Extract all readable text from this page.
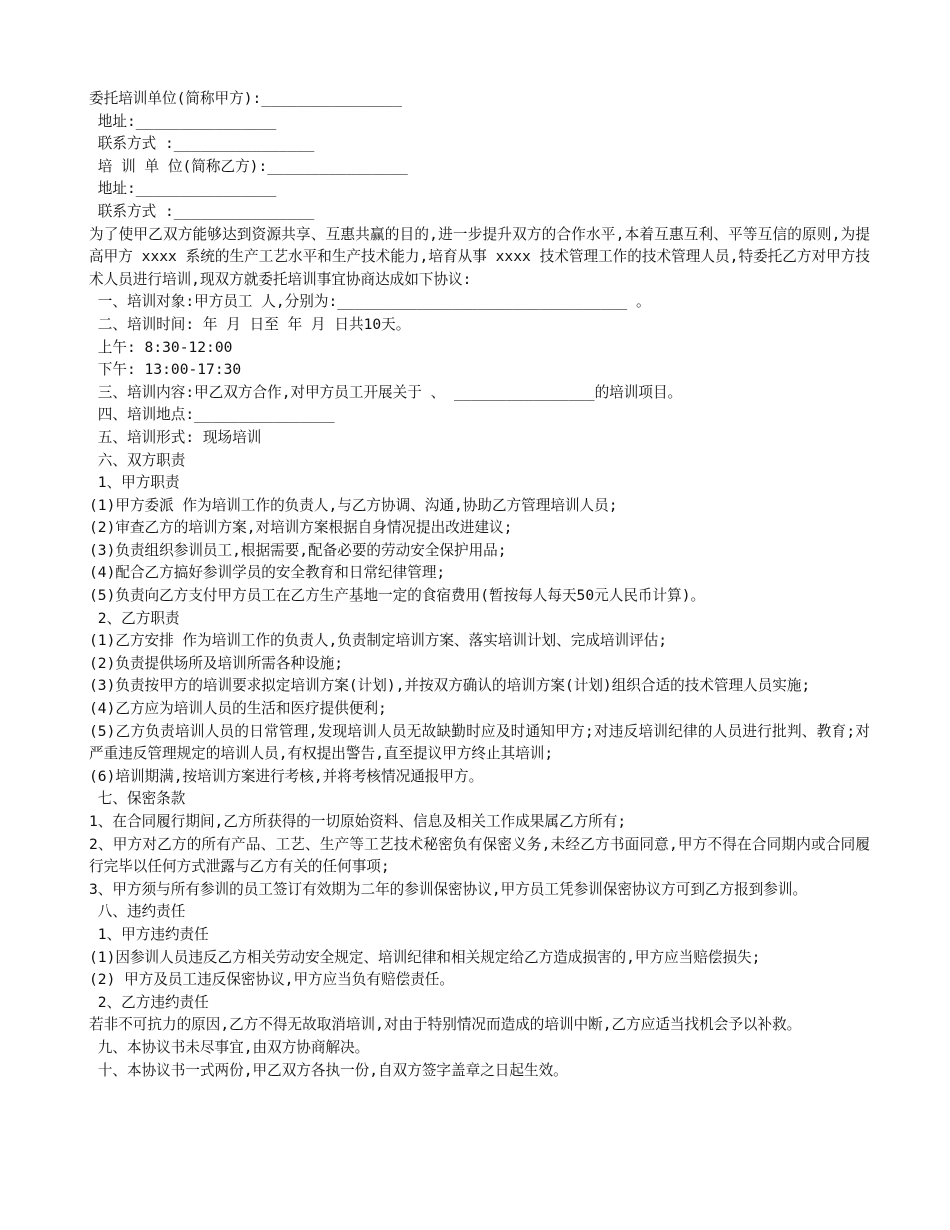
委托培训单位(简称甲方):________________
地址:________________
联系方式 :________________
培 训 单 位(简称乙方):________________
地址:________________
联系方式 :________________
为了使甲乙双方能够达到资源共享、互惠共赢的目的,进一步提升双方的合作水平,本着互惠互利、平等互信的原则,为提高甲方 xxxx 系统的生产工艺水平和生产技术能力,培育从事 xxxx 技术管理工作的技术管理人员,特委托乙方对甲方技术人员进行培训,现双方就委托培训事宜协商达成如下协议:
一、培训对象:甲方员工 人,分别为:_________________________________ 。
二、培训时间: 年 月 日至 年 月 日共10天。
上午: 8:30-12:00
下午: 13:00-17:30
三、培训内容:甲乙双方合作,对甲方员工开展关于 、 ________________的培训项目。
四、培训地点:________________
五、培训形式: 现场培训
六、双方职责
1、甲方职责
(1)甲方委派 作为培训工作的负责人,与乙方协调、沟通,协助乙方管理培训人员;
(2)审查乙方的培训方案,对培训方案根据自身情况提出改进建议;
(3)负责组织参训员工,根据需要,配备必要的劳动安全保护用品;
(4)配合乙方搞好参训学员的安全教育和日常纪律管理;
(5)负责向乙方支付甲方员工在乙方生产基地一定的食宿费用(暂按每人每天50元人民币计算)。
2、乙方职责
(1)乙方安排 作为培训工作的负责人,负责制定培训方案、落实培训计划、完成培训评估;
(2)负责提供场所及培训所需各种设施;
(3)负责按甲方的培训要求拟定培训方案(计划),并按双方确认的培训方案(计划)组织合适的技术管理人员实施;
(4)乙方应为培训人员的生活和医疗提供便利;
(5)乙方负责培训人员的日常管理,发现培训人员无故缺勤时应及时通知甲方;对违反培训纪律的人员进行批判、教育;对严重违反管理规定的培训人员,有权提出警告,直至提议甲方终止其培训;
(6)培训期满,按培训方案进行考核,并将考核情况通报甲方。
七、保密条款
1、在合同履行期间,乙方所获得的一切原始资料、信息及相关工作成果属乙方所有;
2、甲方对乙方的所有产品、工艺、生产等工艺技术秘密负有保密义务,未经乙方书面同意,甲方不得在合同期内或合同履行完毕以任何方式泄露与乙方有关的任何事项;
3、甲方须与所有参训的员工签订有效期为二年的参训保密协议,甲方员工凭参训保密协议方可到乙方报到参训。
八、违约责任
1、甲方违约责任
(1)因参训人员违反乙方相关劳动安全规定、培训纪律和相关规定给乙方造成损害的,甲方应当赔偿损失;
(2) 甲方及员工违反保密协议,甲方应当负有赔偿责任。
2、乙方违约责任
若非不可抗力的原因,乙方不得无故取消培训,对由于特别情况而造成的培训中断,乙方应适当找机会予以补救。
九、本协议书未尽事宜,由双方协商解决。
十、本协议书一式两份,甲乙双方各执一份,自双方签字盖章之日起生效。
